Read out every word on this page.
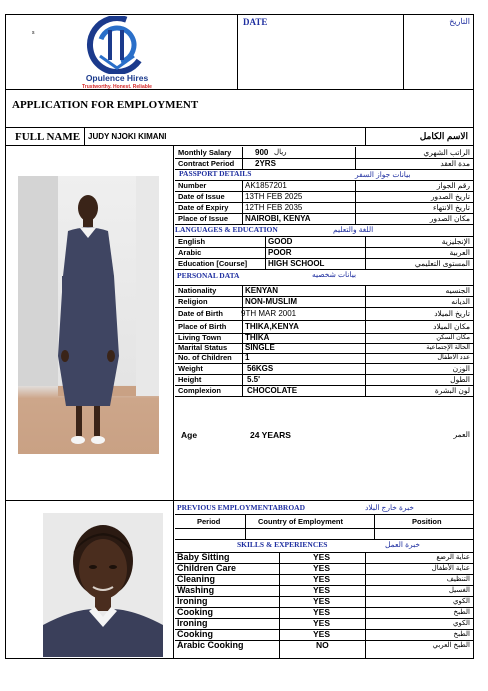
s
Opulence Hires
Trustworthy. Honest. Reliable
DATE	التاريخ
APPLICATION FOR EMPLOYMENT
FULL NAME JUDY NJOKI KIMANI	الاسم الكامل
Monthly Salary	900 ريال	الراتب الشهري
Contract Period	2YRS	مدة العقد
PASSPORT DETAILS	بيانات جواز السفر
Number	AK1857201	رقم الجواز
Date of Issue	13TH FEB 2025	تاريخ الصدور
Date of Expiry 12TH FEB 2035	تاريخ الانتهاء
Place of Issue NAIROBI, KENYA	مكان الصدور
LANGUAGES & EDUCATION	اللغة والتعليم
English	GOOD	الإنجليزية
Arabic	POOR	العربية
Education [Course]	HIGH SCHOOL	المستوى التعليمي
PERSONAL DATA	بيانات شخصيه
Nationality	KENYAN	الجنسيه
Religion	NON-MUSLIM	الديانه
Date of Birth 9TH MAR 2001	تاريخ الميلاد
Place of Birth THIKA,KENYA	مكان الميلاد
Living Town	THIKA	مكان السكن
Marital Status SINGLE	الحالة الإجتماعية
No. of Children 1	عدد الاطفال
Weight	56KGS	الوزن
Height	5.5'	الطول
Complexion	CHOCOLATE	لون البشرة
Age	24 YEARS	العمر
PREVIOUS EMPLOYMENTABROAD	خبرة خارج البلاد
Period	Country of Employment	Position
SKILLS & EXPERIENCES	خبرة العمل
Baby Sitting	YES	عناية الرضع
Children Care	YES	عناية الأطفال
Cleaning	YES	التنظيف
Washing	YES	الغسيل
Ironing	YES	الكوي
Cooking	YES	الطبخ
Ironing	YES	الكوي
Cooking	YES	الطبخ
Arabic Cooking	NO	الطبخ العربي
